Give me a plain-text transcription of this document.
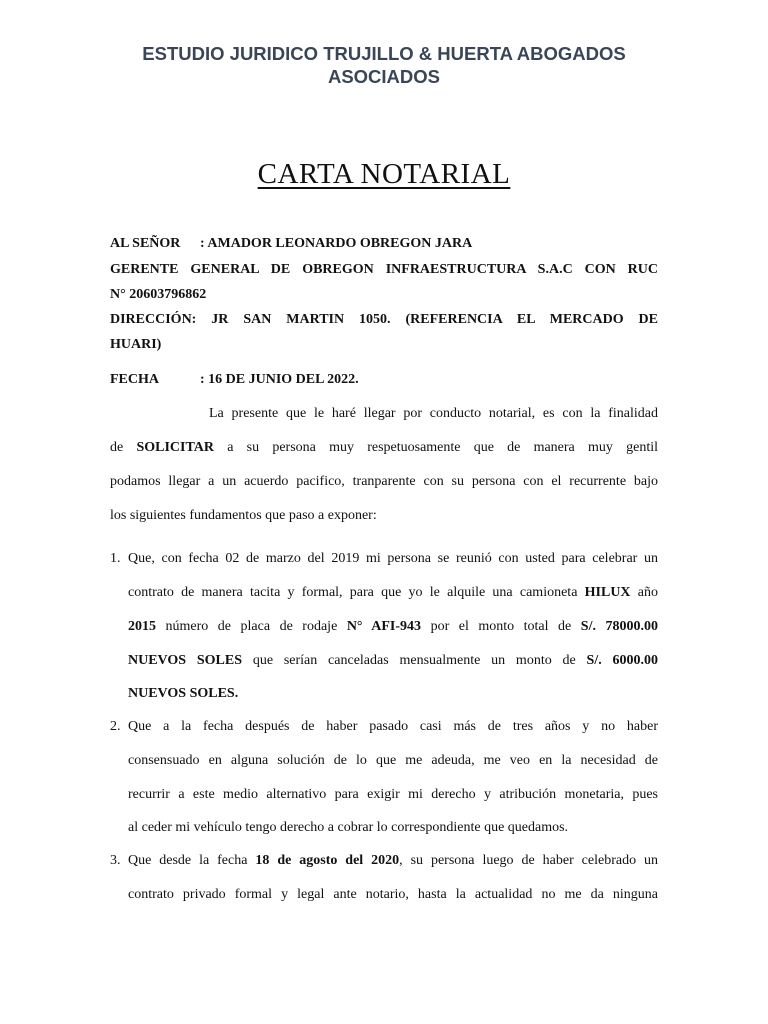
ESTUDIO JURIDICO TRUJILLO & HUERTA ABOGADOS
ASOCIADOS
CARTA NOTARIAL
AL SEÑOR : AMADOR LEONARDO OBREGON JARA
GERENTE GENERAL DE OBREGON INFRAESTRUCTURA S.A.C CON RUC
N° 20603796862
DIRECCIÓN: JR SAN MARTIN 1050. (REFERENCIA EL MERCADO DE
HUARI)
FECHA	: 16 DE JUNIO DEL 2022.
La presente que le haré llegar por conducto notarial, es con la finalidad
de SOLICITAR a su persona muy respetuosamente que de manera muy gentil
podamos llegar a un acuerdo pacifico, tranparente con su persona con el recurrente bajo
los siguientes fundamentos que paso a exponer:
1. Que, con fecha 02 de marzo del 2019 mi persona se reunió con usted para celebrar un
contrato de manera tacita y formal, para que yo le alquile una camioneta HILUX año
2015 número de placa de rodaje N° AFI-943 por el monto total de S/. 78000.00
NUEVOS SOLES que serían canceladas mensualmente un monto de S/. 6000.00
NUEVOS SOLES.
2. Que a la fecha después de haber pasado casi más de tres años y no haber
consensuado en alguna solución de lo que me adeuda, me veo en la necesidad de
recurrir a este medio alternativo para exigir mi derecho y atribución monetaria, pues
al ceder mi vehículo tengo derecho a cobrar lo correspondiente que quedamos.
3. Que desde la fecha 18 de agosto del 2020, su persona luego de haber celebrado un
contrato privado formal y legal ante notario, hasta la actualidad no me da ninguna
